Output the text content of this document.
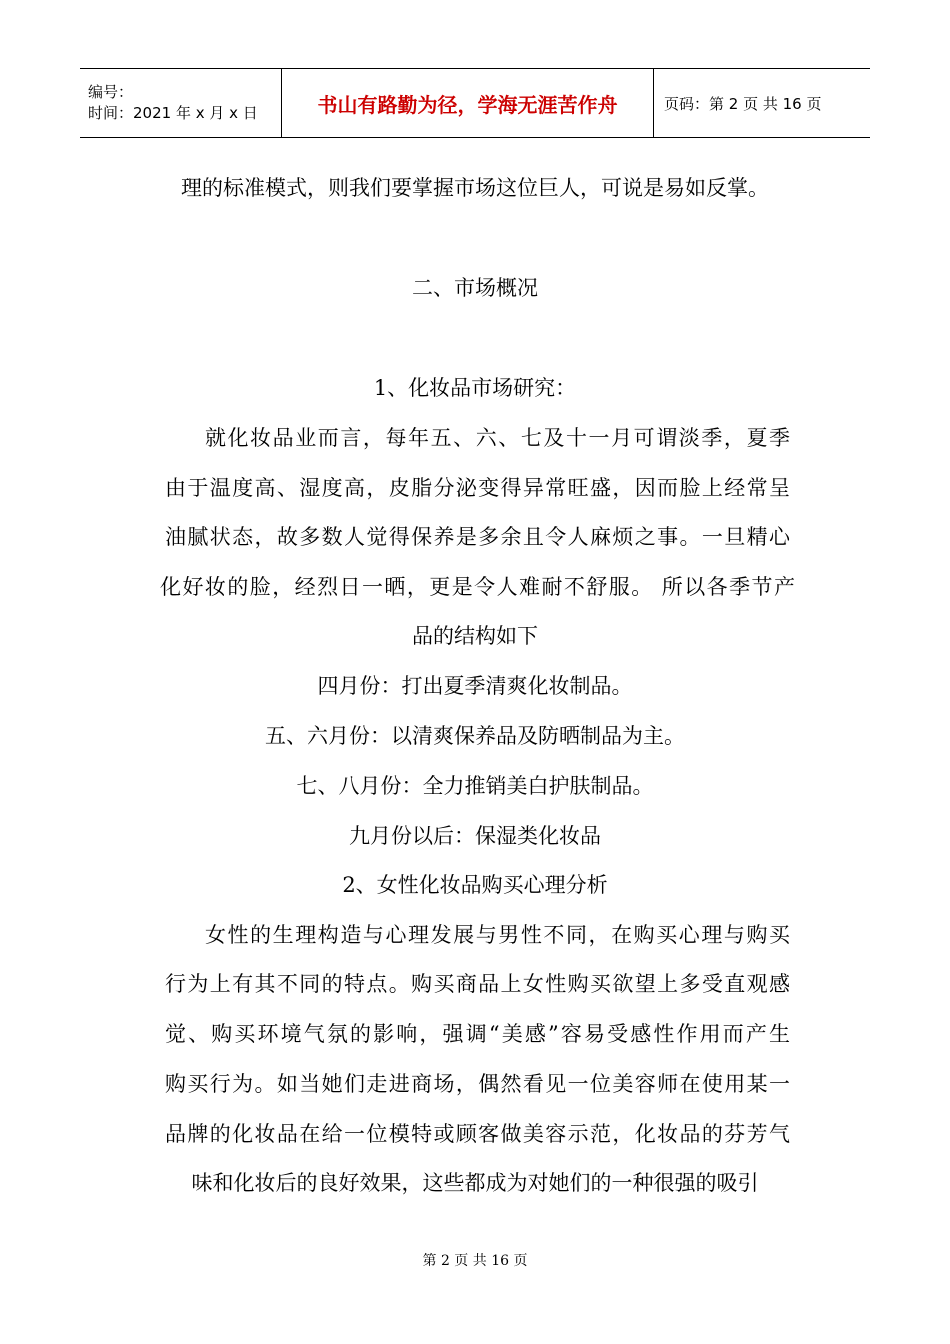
编号：
时间：2021 年 x 月 x 日	书山有路勤为径，学海无涯苦作舟	页码：第 2 页 共 16 页
理的标准模式，则我们要掌握市场这位巨人，可说是易如反掌。
二、市场概况
1、化妆品市场研究：
就化妆品业而言，每年五、六、七及十一月可谓淡季，夏季
由于温度高、湿度高，皮脂分泌变得异常旺盛，因而脸上经常呈
油腻状态，故多数人觉得保养是多余且令人麻烦之事。一旦精心
化好妆的脸，经烈日一晒，更是令人难耐不舒服。 所以各季节产
品的结构如下
四月份：打出夏季清爽化妆制品。
五、六月份：以清爽保养品及防晒制品为主。
七、八月份：全力推销美白护肤制品。
九月份以后：保湿类化妆品
2、女性化妆品购买心理分析
女性的生理构造与心理发展与男性不同，在购买心理与购买
行为上有其不同的特点。购买商品上女性购买欲望上多受直观感
觉、购买环境气氛的影响，强调“美感”容易受感性作用而产生
购买行为。如当她们走进商场，偶然看见一位美容师在使用某一
品牌的化妆品在给一位模特或顾客做美容示范，化妆品的芬芳气
味和化妆后的良好效果，这些都成为对她们的一种很强的吸引
第 2 页 共 16 页
